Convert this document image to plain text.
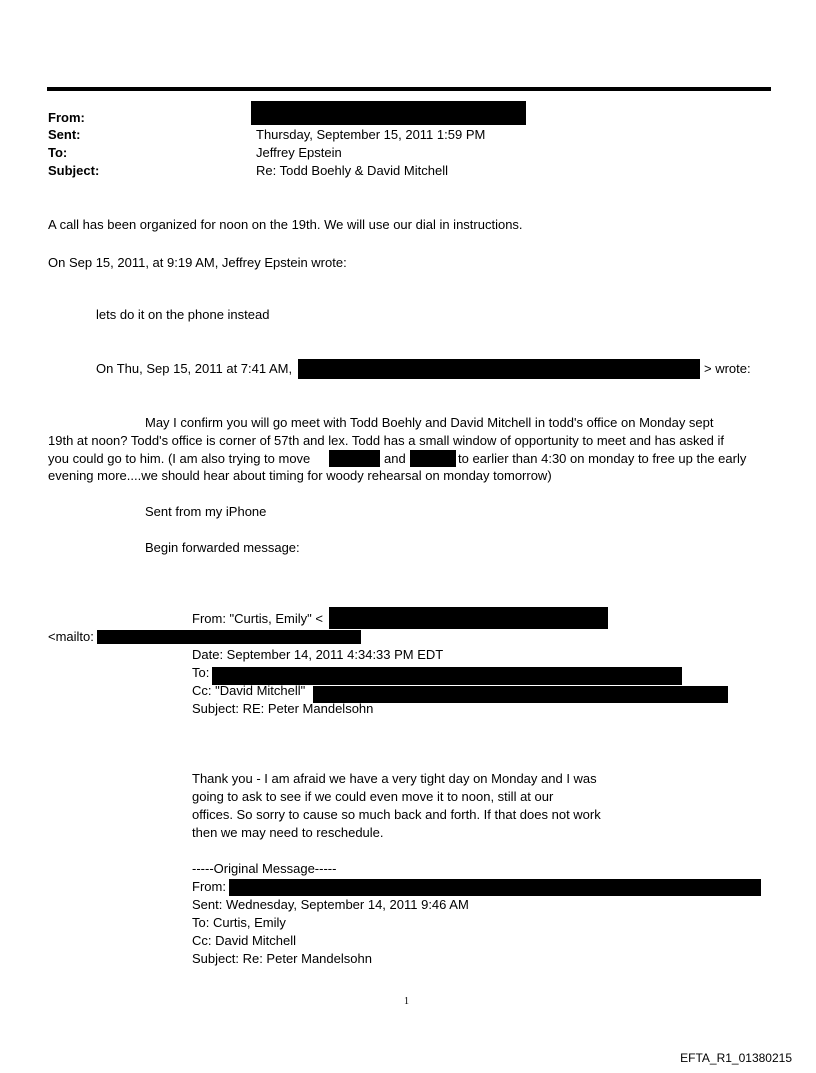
From:
Sent:	Thursday, September 15, 2011 1:59 PM
To:	Jeffrey Epstein
Subject:	Re: Todd Boehly & David Mitchell
A call has been organized for noon on the 19th. We will use our dial in instructions.
On Sep 15, 2011, at 9:19 AM, Jeffrey Epstein wrote:
lets do it on the phone instead
On Thu, Sep 15, 2011 at 7:41 AM,	> wrote:
May I confirm you will go meet with Todd Boehly and David Mitchell in todd's office on Monday sept
19th at noon? Todd's office is corner of 57th and lex. Todd has a small window of opportunity to meet and has asked if
you could go to him. (I am also trying to move	and	to earlier than 4:30 on monday to free up the early
evening more....we should hear about timing for woody rehearsal on monday tomorrow)
Sent from my iPhone
Begin forwarded message:
From: "Curtis, Emily" <
<mailto:
Date: September 14, 2011 4:34:33 PM EDT
To:
Cc: "David Mitchell"
Subject: RE: Peter Mandelsohn
Thank you - I am afraid we have a very tight day on Monday and I was
going to ask to see if we could even move it to noon, still at our
offices. So sorry to cause so much back and forth. If that does not work
then we may need to reschedule.
-----Original Message-----
From:
Sent: Wednesday, September 14, 2011 9:46 AM
To: Curtis, Emily
Cc: David Mitchell
Subject: Re: Peter Mandelsohn
1
EFTA_R1_01380215
